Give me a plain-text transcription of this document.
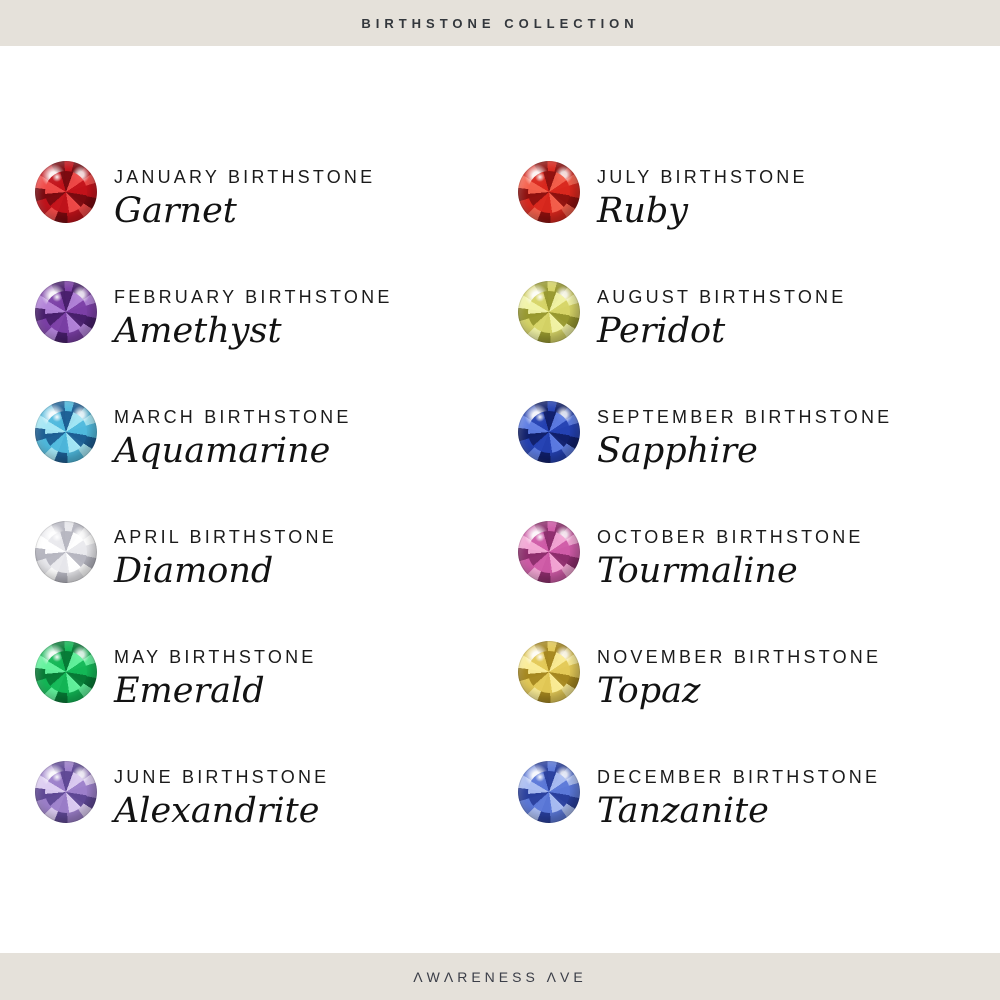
BIRTHSTONE COLLECTION
JANUARY BIRTHSTONE
Garnet
FEBRUARY BIRTHSTONE
Amethyst
MARCH BIRTHSTONE
Aquamarine
APRIL BIRTHSTONE
Diamond
MAY BIRTHSTONE
Emerald
JUNE BIRTHSTONE
Alexandrite
JULY BIRTHSTONE
Ruby
AUGUST BIRTHSTONE
Peridot
SEPTEMBER BIRTHSTONE
Sapphire
OCTOBER BIRTHSTONE
Tourmaline
NOVEMBER BIRTHSTONE
Topaz
DECEMBER BIRTHSTONE
Tanzanite
ΛWΛRENESS ΛVE
